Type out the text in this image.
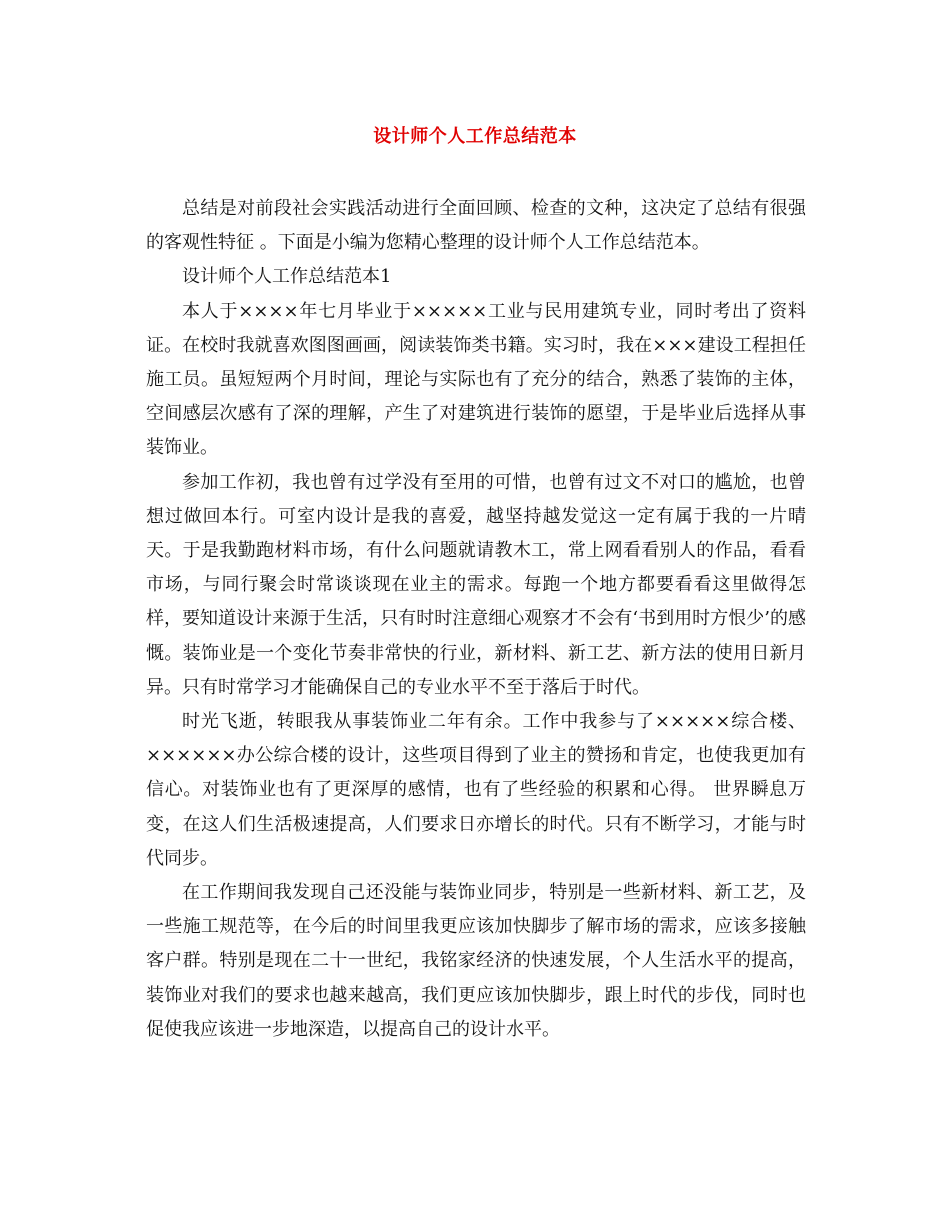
设计师个人工作总结范本

总结是对前段社会实践活动进行全面回顾、检查的文种，这决定了总结有很强的客观性特征 。下面是小编为您精心整理的设计师个人工作总结范本。

设计师个人工作总结范本1

本人于××××年七月毕业于×××××工业与民用建筑专业，同时考出了资料证。在校时我就喜欢图图画画，阅读装饰类书籍。实习时，我在×××建设工程担任施工员。虽短短两个月时间，理论与实际也有了充分的结合，熟悉了装饰的主体，空间感层次感有了深的理解，产生了对建筑进行装饰的愿望，于是毕业后选择从事装饰业。

参加工作初，我也曾有过学没有至用的可惜，也曾有过文不对口的尴尬，也曾想过做回本行。可室内设计是我的喜爱，越坚持越发觉这一定有属于我的一片晴天。于是我勤跑材料市场，有什么问题就请教木工，常上网看看别人的作品，看看市场，与同行聚会时常谈谈现在业主的需求。每跑一个地方都要看看这里做得怎样，要知道设计来源于生活，只有时时注意细心观察才不会有‘书到用时方恨少’的感慨。装饰业是一个变化节奏非常快的行业，新材料、新工艺、新方法的使用日新月异。只有时常学习才能确保自己的专业水平不至于落后于时代。

时光飞逝，转眼我从事装饰业二年有余。工作中我参与了×××××综合楼、××××××办公综合楼的设计，这些项目得到了业主的赞扬和肯定，也使我更加有信心。对装饰业也有了更深厚的感情，也有了些经验的积累和心得。 世界瞬息万变，在这人们生活极速提高，人们要求日亦增长的时代。只有不断学习，才能与时代同步。

在工作期间我发现自己还没能与装饰业同步，特别是一些新材料、新工艺，及一些施工规范等，在今后的时间里我更应该加快脚步了解市场的需求，应该多接触客户群。特别是现在二十一世纪，我铭家经济的快速发展，个人生活水平的提高，装饰业对我们的要求也越来越高，我们更应该加快脚步，跟上时代的步伐，同时也促使我应该进一步地深造，以提高自己的设计水平。
